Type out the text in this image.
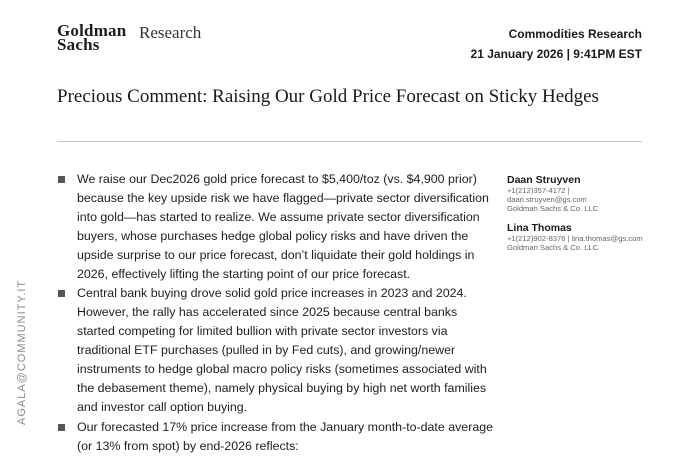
Goldman
Sachs
Research	Commodities Research
21 January 2026 | 9:41PM EST
Precious Comment: Raising Our Gold Price Forecast on Sticky Hedges
We raise our Dec2026 gold price forecast to $5,400/toz (vs. $4,900 prior) because the key upside risk we have flagged—private sector diversification into gold—has started to realize. We assume private sector diversification buyers, whose purchases hedge global policy risks and have driven the upside surprise to our price forecast, don’t liquidate their gold holdings in 2026, effectively lifting the starting point of our price forecast.
Central bank buying drove solid gold price increases in 2023 and 2024. However, the rally has accelerated since 2025 because central banks started competing for limited bullion with private sector investors via traditional ETF purchases (pulled in by Fed cuts), and growing/newer instruments to hedge global macro policy risks (sometimes associated with the debasement theme), namely physical buying by high net worth families and investor call option buying.
Our forecasted 17% price increase from the January month-to-date average (or 13% from spot) by end-2026 reflects:
Daan Struyven
+1(212)357-4172 |
daan.struyven@gs.com
Goldman Sachs & Co. LLC
Lina Thomas
+1(212)902-8376 | lina.thomas@gs.com
Goldman Sachs & Co. LLC
AGALA@COMMUNITY.IT
